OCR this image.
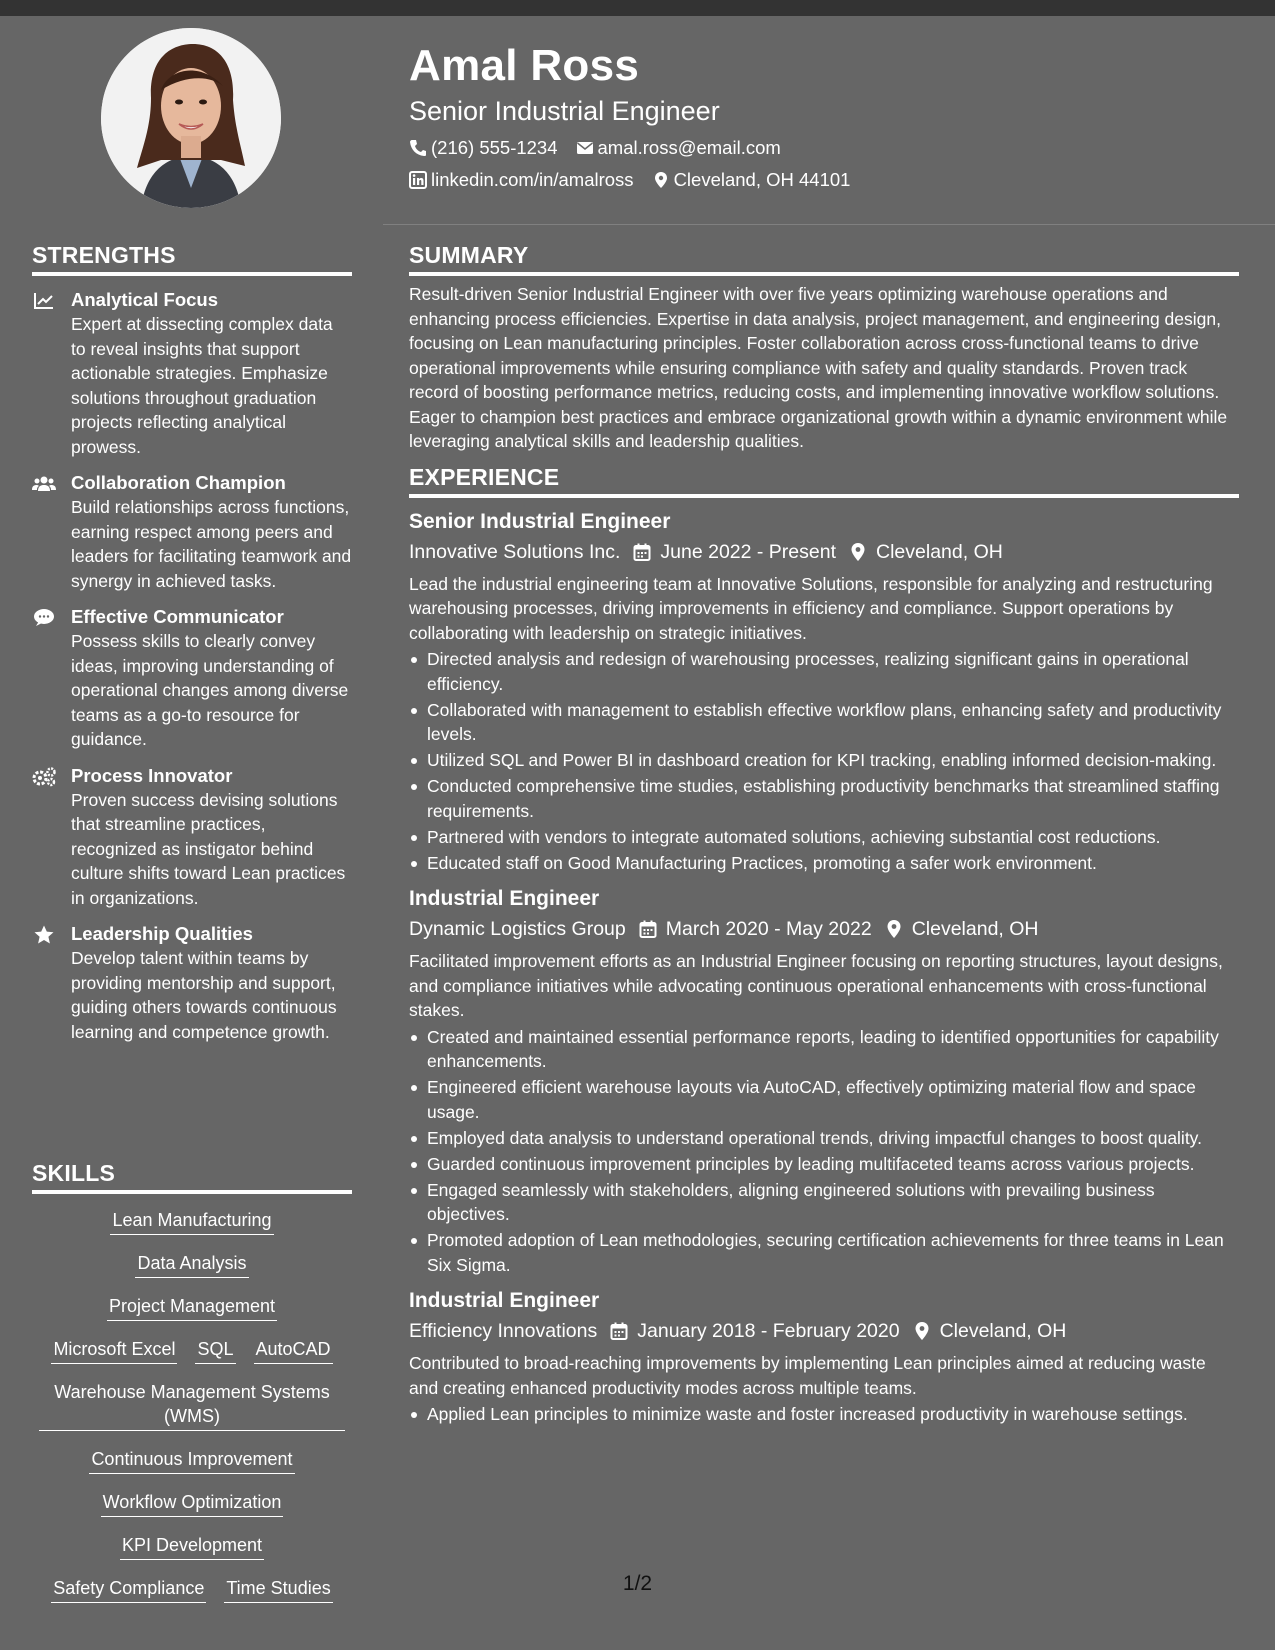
STRENGTHS
Analytical Focus
Expert at dissecting complex data to reveal insights that support actionable strategies. Emphasize solutions throughout graduation projects reflecting analytical prowess.
Collaboration Champion
Build relationships across functions, earning respect among peers and leaders for facilitating teamwork and synergy in achieved tasks.
Effective Communicator
Possess skills to clearly convey ideas, improving understanding of operational changes among diverse teams as a go-to resource for guidance.
Process Innovator
Proven success devising solutions that streamline practices, recognized as instigator behind culture shifts toward Lean practices in organizations.
Leadership Qualities
Develop talent within teams by providing mentorship and support, guiding others towards continuous learning and competence growth.
SKILLS
Lean Manufacturing
Data Analysis
Project Management
Microsoft Excel SQL AutoCAD
Warehouse Management Systems (WMS)
Continuous Improvement
Workflow Optimization
KPI Development
Safety Compliance Time Studies
Amal Ross
Senior Industrial Engineer
(216) 555-1234 amal.ross@email.com
linkedin.com/in/amalross Cleveland, OH 44101
SUMMARY
Result-driven Senior Industrial Engineer with over five years optimizing warehouse operations and enhancing process efficiencies. Expertise in data analysis, project management, and engineering design, focusing on Lean manufacturing principles. Foster collaboration across cross-functional teams to drive operational improvements while ensuring compliance with safety and quality standards. Proven track record of boosting performance metrics, reducing costs, and implementing innovative workflow solutions. Eager to champion best practices and embrace organizational growth within a dynamic environment while leveraging analytical skills and leadership qualities.
EXPERIENCE
Senior Industrial Engineer
Innovative Solutions Inc. June 2022 - Present Cleveland, OH
Lead the industrial engineering team at Innovative Solutions, responsible for analyzing and restructuring warehousing processes, driving improvements in efficiency and compliance. Support operations by collaborating with leadership on strategic initiatives.
Directed analysis and redesign of warehousing processes, realizing significant gains in operational efficiency.
Collaborated with management to establish effective workflow plans, enhancing safety and productivity levels.
Utilized SQL and Power BI in dashboard creation for KPI tracking, enabling informed decision-making.
Conducted comprehensive time studies, establishing productivity benchmarks that streamlined staffing requirements.
Partnered with vendors to integrate automated solutions, achieving substantial cost reductions.
Educated staff on Good Manufacturing Practices, promoting a safer work environment.
Industrial Engineer
Dynamic Logistics Group March 2020 - May 2022 Cleveland, OH
Facilitated improvement efforts as an Industrial Engineer focusing on reporting structures, layout designs, and compliance initiatives while advocating continuous operational enhancements with cross-functional stakes.
Created and maintained essential performance reports, leading to identified opportunities for capability enhancements.
Engineered efficient warehouse layouts via AutoCAD, effectively optimizing material flow and space usage.
Employed data analysis to understand operational trends, driving impactful changes to boost quality.
Guarded continuous improvement principles by leading multifaceted teams across various projects.
Engaged seamlessly with stakeholders, aligning engineered solutions with prevailing business objectives.
Promoted adoption of Lean methodologies, securing certification achievements for three teams in Lean Six Sigma.
Industrial Engineer
Efficiency Innovations January 2018 - February 2020 Cleveland, OH
Contributed to broad-reaching improvements by implementing Lean principles aimed at reducing waste and creating enhanced productivity modes across multiple teams.
Applied Lean principles to minimize waste and foster increased productivity in warehouse settings.
1/2
